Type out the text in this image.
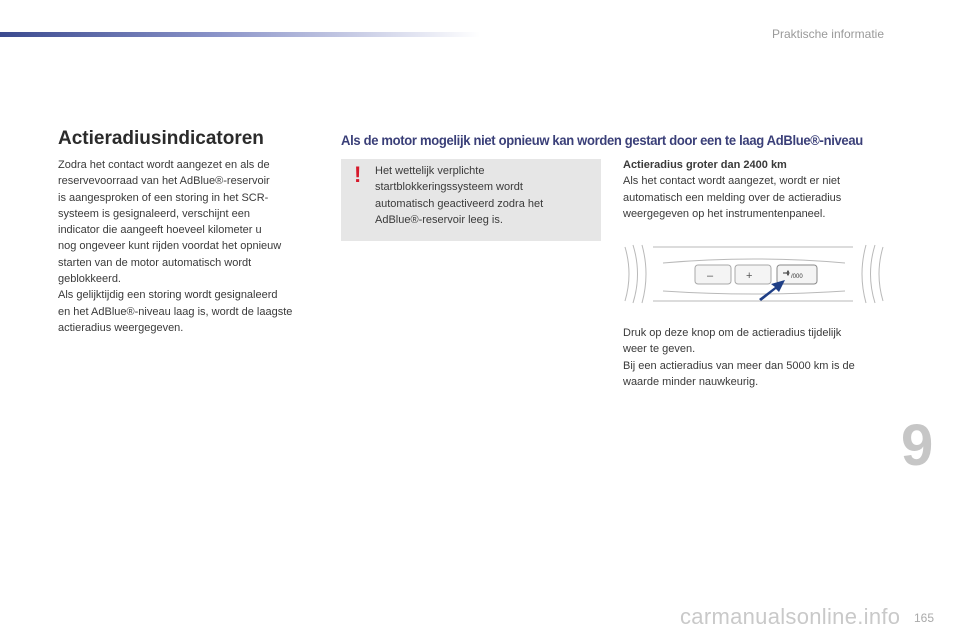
Praktische informatie
Actieradiusindicatoren	Als de motor mogelijk niet opnieuw kan worden gestart door een te laag AdBlue®-niveau

Zodra het contact wordt aangezet en als de

reservevoorraad van het AdBlue®-reservoir

is aangesproken of een storing in het SCR-

systeem is gesignaleerd, verschijnt een

indicator die aangeeft hoeveel kilometer u

nog ongeveer kunt rijden voordat het opnieuw

starten van de motor automatisch wordt

geblokkeerd.

Als gelijktijdig een storing wordt gesignaleerd

en het AdBlue®-niveau laag is, wordt de laagste

actieradius weergegeven.

! Het wettelijk verplichte

startblokkeringssysteem wordt

automatisch geactiveerd zodra het

AdBlue®-reservoir leeg is.

Actieradius groter dan 2400 km

Als het contact wordt aangezet, wordt er niet

automatisch een melding over de actieradius

weergegeven op het instrumentenpaneel.

–	+	/000

Druk op deze knop om de actieradius tijdelijk

weer te geven.

Bij een actieradius van meer dan 5000 km is de

waarde minder nauwkeurig.

9
carmanualsonline.info 165
